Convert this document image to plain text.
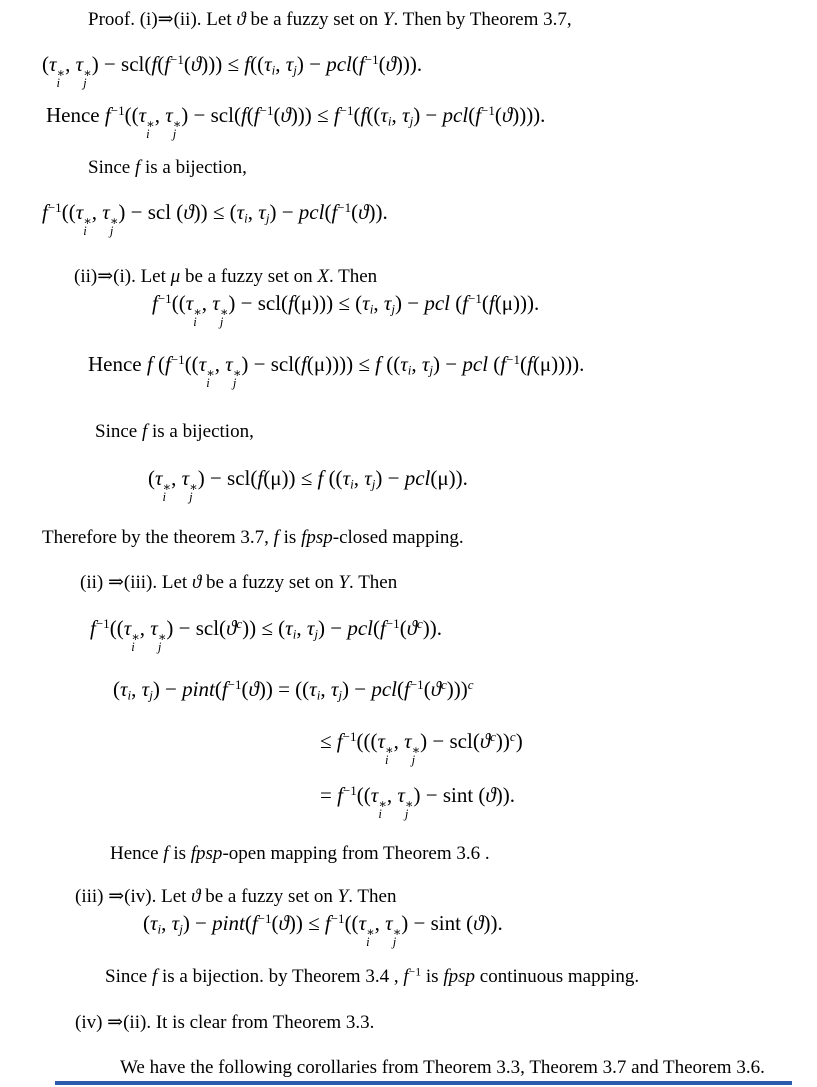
Proof. (i)⇒(ii). Let ϑ be a fuzzy set on Y. Then by Theorem 3.7,
(τ ∗
i
, τ ∗
j
) − $scl(f(f^{-1}(ϑ))) \le f((\tau_i$, $\tau_j) - pcl(f^{-1}(ϑ))$).
Hence $f^{-1}((\tau$ ∗
i
, τ ∗
j
) − $scl(f(f^{-1}(ϑ))) \le f^{-1}(f((\tau_i$, $\tau_j) - pcl(f^{-1}(ϑ))$)).
Since f is a bijection,
$f^{-1}((\tau$ ∗
i
, τ ∗
j
) − scl $(ϑ)) \le (\tau_i$, $\tau_j) - pcl(f^{-1}(ϑ))$.
(ii)⇒(i). Let μ be a fuzzy set on X. Then
$f^{-1}((\tau$ ∗
i
, τ ∗
j
) − $scl(f(\mu))) \le (\tau_i$, $\tau_j$) − pcl $(f^{-1}(f(\mu)))$.
Hence f ($f^{-1}((\tau$ ∗
i
, τ ∗
j
) − scl(f(μ)))) ≤ f (($\tau_i$, $\tau_j$) − pcl $(f^{-1}(f(\mu)))$).
Since f is a bijection,
(τ ∗
i
, τ ∗
j
) − scl(f(μ)) ≤ f (($\tau_i$, $\tau_j) - pcl(\mu)$).
Therefore by the theorem 3.7, f is fpsp-closed mapping.
(ii) ⇒(iii). Let ϑ be a fuzzy set on Y. Then
$f^{-1}((\tau$ ∗
i
, τ ∗
j
) − $scl(ϑ^c)) \le (\tau_i$, $\tau_j) - pcl(f^{-1}(ϑ^c))$.
($\tau_i$, $\tau_j$) − $pint(f^{-1}(ϑ)) = ((\tau_i$, $\tau_j) - pcl(f^{-1}(ϑ^c)))^c$
≤ $f^{-1}(((\tau$ ∗
i
, τ ∗
j
) − $scl(ϑ^c))^c$)
= $f^{-1}((\tau$ ∗
i
, τ ∗
j
) − sint (ϑ)).
Hence f is fpsp-open mapping from Theorem 3.6 .
(iii) ⇒(iv). Let ϑ be a fuzzy set on Y. Then
($\tau_i$, $\tau_j$) − $pint(f^{-1}(ϑ)) \le f^{-1}((\tau$ ∗
i
, τ ∗
j
) − sint (ϑ)).
Since f is a bijection. by Theorem 3.4 , $f^{-1}$ is fpsp continuous mapping.
(iv) ⇒(ii). It is clear from Theorem 3.3.
We have the following corollaries from Theorem 3.3, Theorem 3.7 and Theorem 3.6.
